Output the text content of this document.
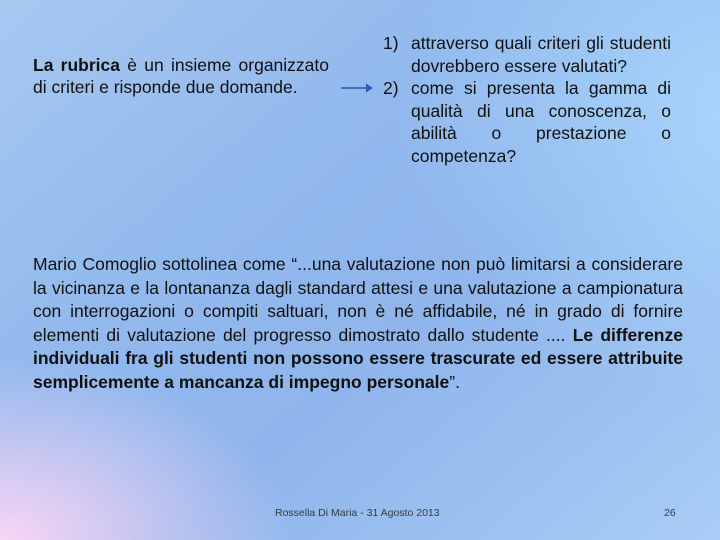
La rubrica è un insieme organizzato di criteri e risponde due domande.

1) attraverso quali criteri gli studenti dovrebbero essere valutati?
2) come si presenta la gamma di qualità di una conoscenza, o abilità o prestazione o competenza?

Mario Comoglio sottolinea come “...una valutazione non può limitarsi a considerare la vicinanza e la lontananza dagli standard attesi e una valutazione a campionatura con interrogazioni o compiti saltuari, non è né affidabile, né in grado di fornire elementi di valutazione del progresso dimostrato dallo studente .... Le differenze individuali fra gli studenti non possono essere trascurate ed essere attribuite semplicemente a mancanza di impegno personale”.

Rossella Di Maria - 31 Agosto 2013	26
